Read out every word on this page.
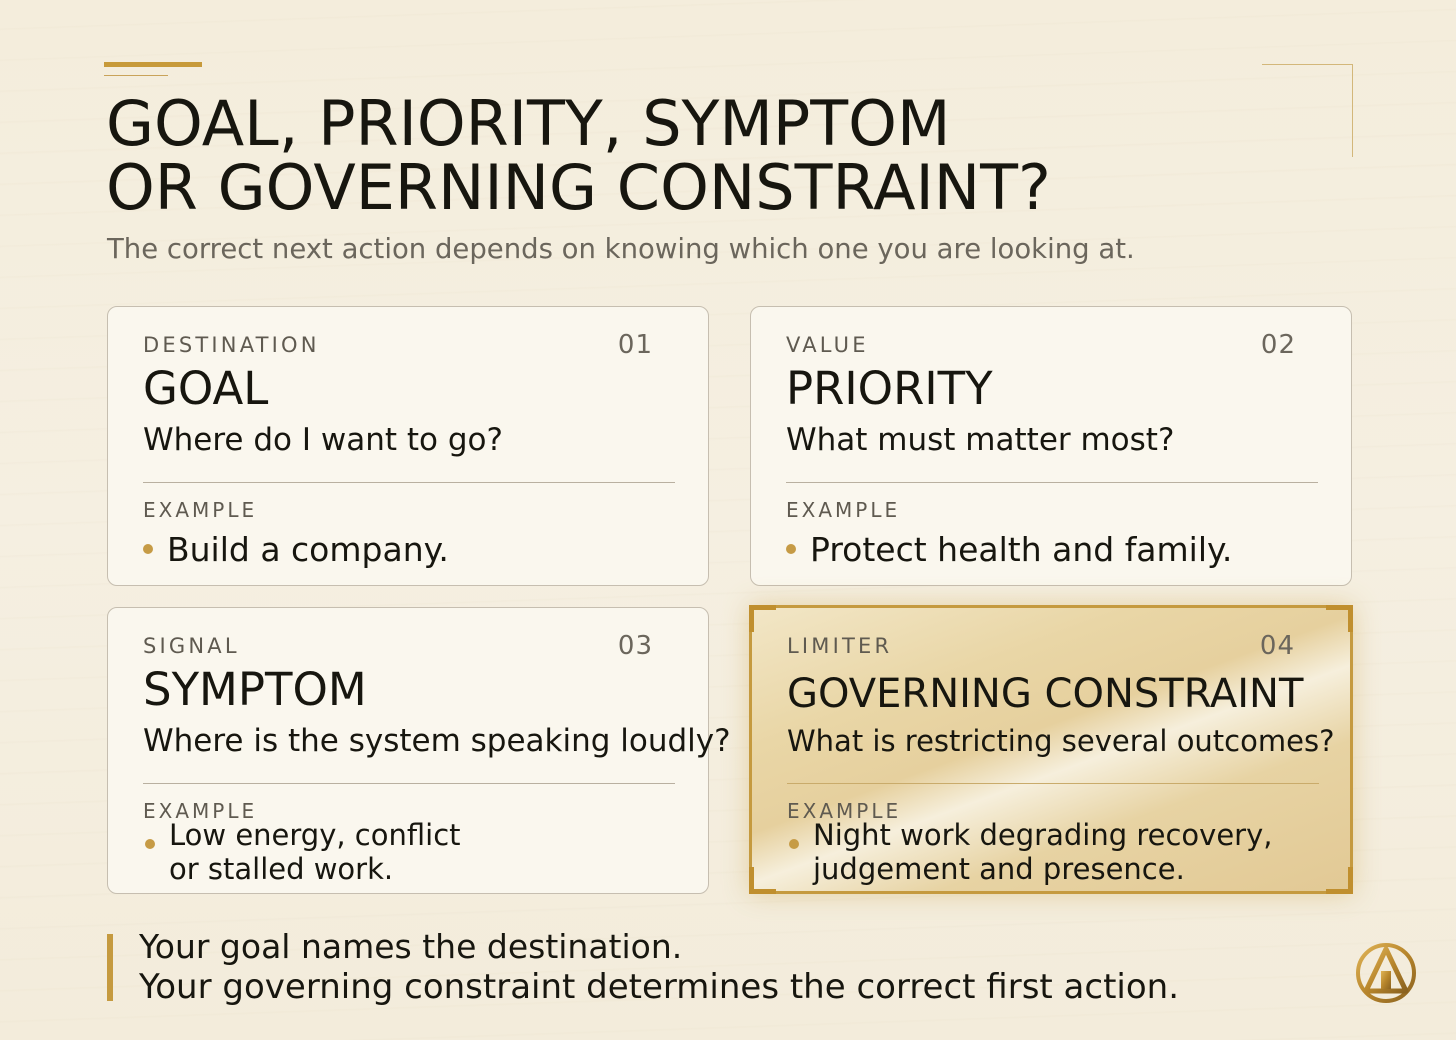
GOAL, PRIORITY, SYMPTOM
OR GOVERNING CONSTRAINT?
The correct next action depends on knowing which one you are looking at.
DESTINATION	01
GOAL
Where do I want to go?
EXAMPLE
Build a company.
VALUE	02
PRIORITY
What must matter most?
EXAMPLE
Protect health and family.
SIGNAL	03
SYMPTOM
Where is the system speaking loudly?
EXAMPLE
Low energy, conflict
or stalled work.
LIMITER	04
GOVERNING CONSTRAINT
What is restricting several outcomes?
EXAMPLE
Night work degrading recovery,
judgement and presence.
Your goal names the destination.
Your governing constraint determines the correct first action.
